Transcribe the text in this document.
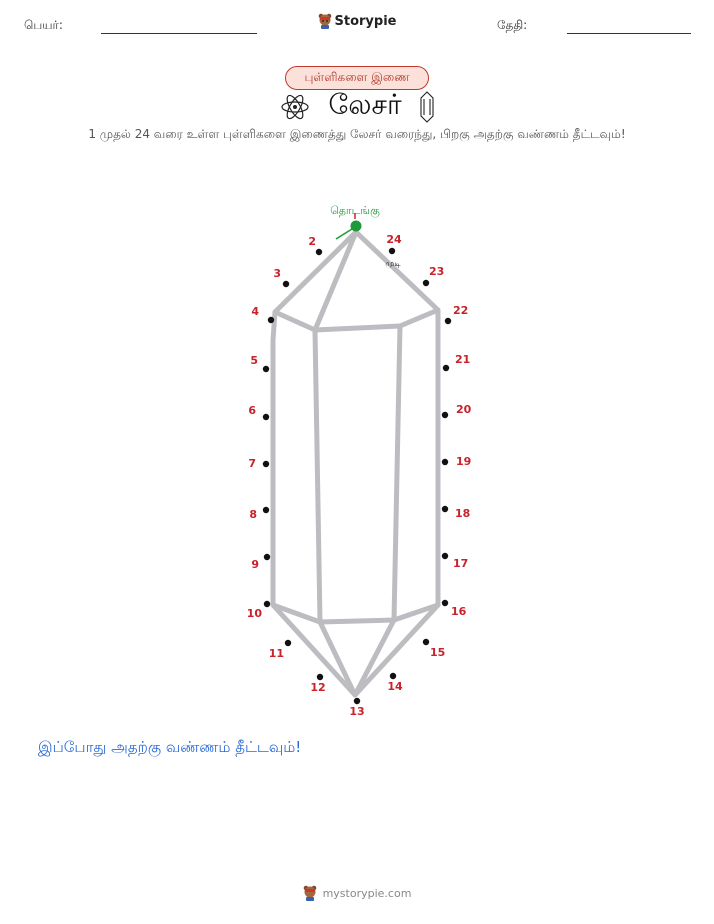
பெயர்:	Storypie	தேதி:
புள்ளிகளை இணை
லேசர்
1 முதல் 24 வரை உள்ள புள்ளிகளை இணைத்து லேசர் வரைந்து, பிறகு அதற்கு வண்ணம் தீட்டவும்!
தொடங்கு
முடி
2
3
4
5
6
7
8
9
10
11
12
13
14
15
16
17
18
19
20
21
22
23
24
இப்போது அதற்கு வண்ணம் தீட்டவும்!
mystorypie.com
